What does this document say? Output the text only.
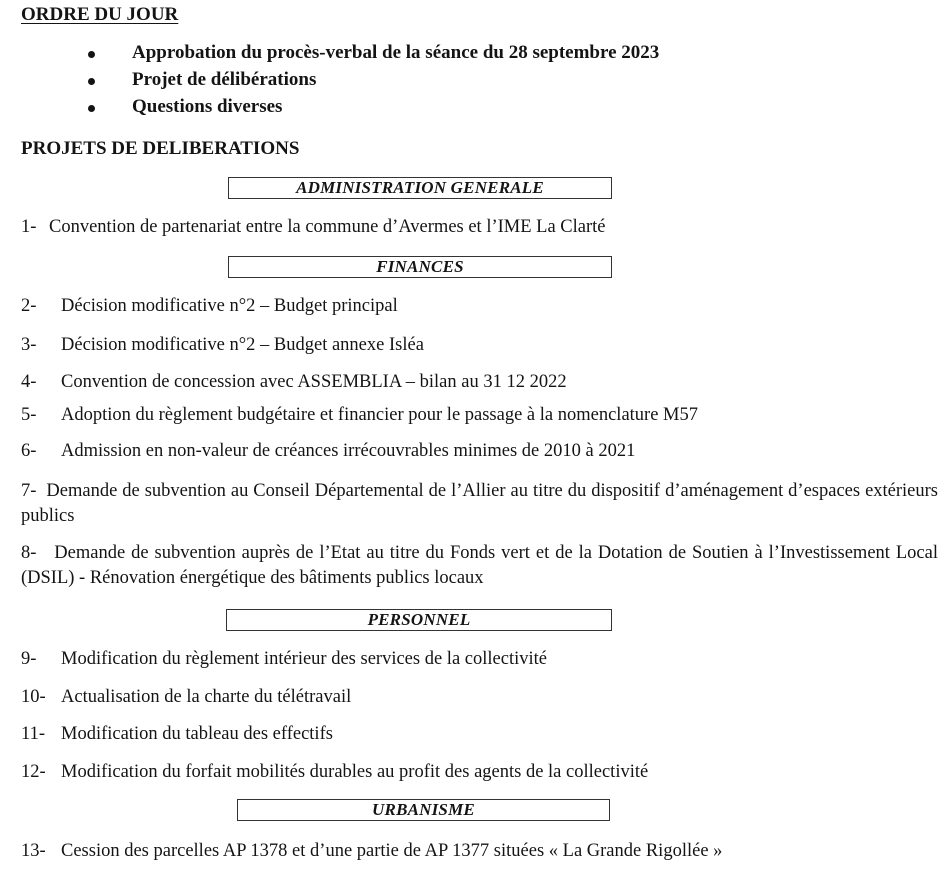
ORDRE DU JOUR
Approbation du procès-verbal de la séance du 28 septembre 2023
Projet de délibérations
Questions diverses
PROJETS DE DELIBERATIONS
ADMINISTRATION GENERALE
1- Convention de partenariat entre la commune d’Avermes et l’IME La Clarté
FINANCES
2- Décision modificative n°2 – Budget principal
3- Décision modificative n°2 – Budget annexe Isléa
4- Convention de concession avec ASSEMBLIA – bilan au 31 12 2022
5- Adoption du règlement budgétaire et financier pour le passage à la nomenclature M57
6- Admission en non-valeur de créances irrécouvrables minimes de 2010 à 2021
7- Demande de subvention au Conseil Départemental de l’Allier au titre du dispositif d’aménagement d’espaces extérieurs publics
8- Demande de subvention auprès de l’Etat au titre du Fonds vert et de la Dotation de Soutien à l’Investissement Local (DSIL) - Rénovation énergétique des bâtiments publics locaux
PERSONNEL
9- Modification du règlement intérieur des services de la collectivité
10- Actualisation de la charte du télétravail
11- Modification du tableau des effectifs
12- Modification du forfait mobilités durables au profit des agents de la collectivité
URBANISME
13- Cession des parcelles AP 1378 et d’une partie de AP 1377 situées « La Grande Rigollée »
